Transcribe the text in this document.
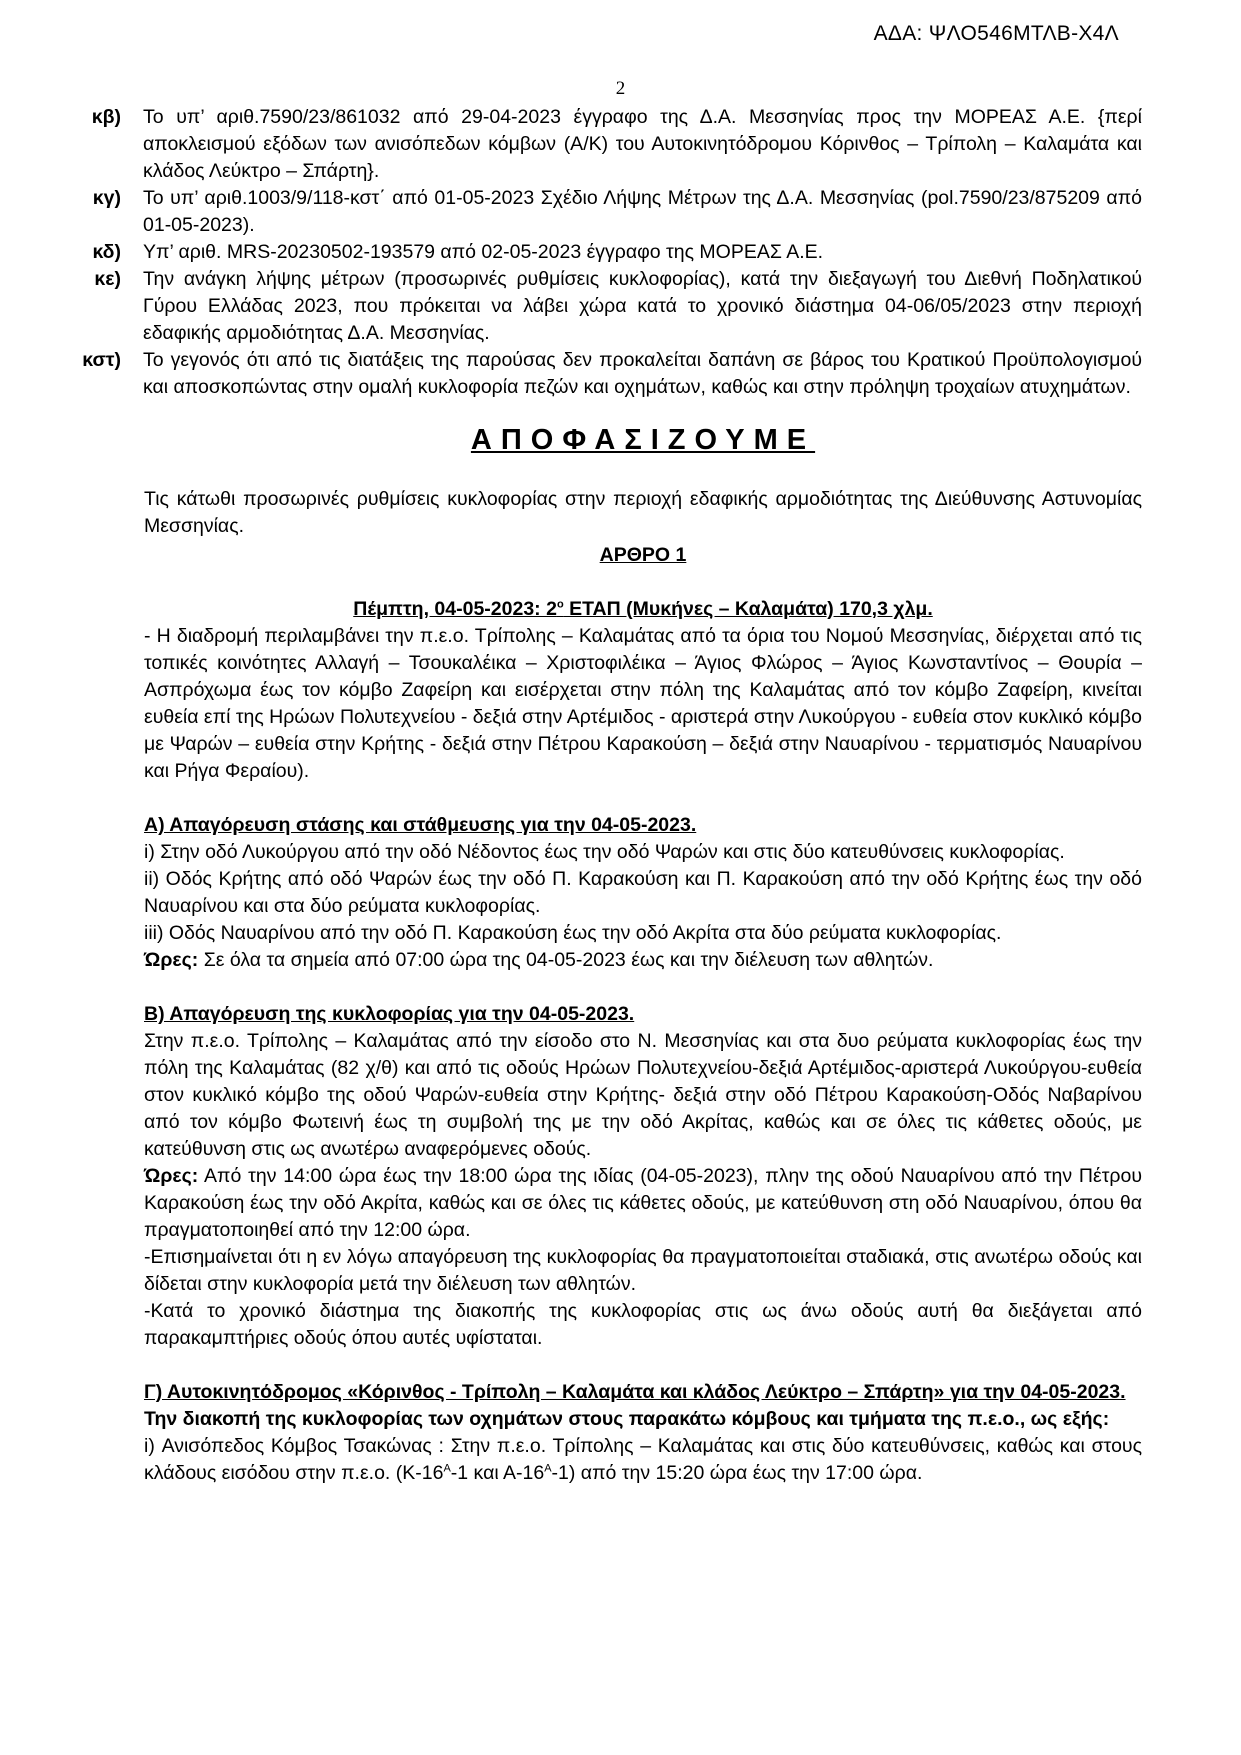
ΑΔΑ: ΨΛΟ546ΜΤΛΒ-Χ4Λ
2
κβ)	Το υπ’ αριθ.7590/23/861032 από 29-04-2023 έγγραφο της Δ.Α. Μεσσηνίας προς την ΜΟΡΕΑΣ Α.Ε. {περί αποκλεισμού εξόδων των ανισόπεδων κόμβων (Α/Κ) του Αυτοκινητόδρομου Κόρινθος – Τρίπολη – Καλαμάτα και κλάδος Λεύκτρο – Σπάρτη}.
κγ)	Το υπ’ αριθ.1003/9/118-κστ΄ από 01-05-2023 Σχέδιο Λήψης Μέτρων της Δ.Α. Μεσσηνίας (pol.7590/23/875209 από 01-05-2023).
κδ)	Υπ’ αριθ. MRS-20230502-193579 από 02-05-2023 έγγραφο της ΜΟΡΕΑΣ Α.Ε.
κε)	Την ανάγκη λήψης μέτρων (προσωρινές ρυθμίσεις κυκλοφορίας), κατά την διεξαγωγή του Διεθνή Ποδηλατικού Γύρου Ελλάδας 2023, που πρόκειται να λάβει χώρα κατά το χρονικό διάστημα 04-06/05/2023 στην περιοχή εδαφικής αρμοδιότητας Δ.Α. Μεσσηνίας.
κστ)	Το γεγονός ότι από τις διατάξεις της παρούσας δεν προκαλείται δαπάνη σε βάρος του Κρατικού Προϋπολογισμού και αποσκοπώντας στην ομαλή κυκλοφορία πεζών και οχημάτων, καθώς και στην πρόληψη τροχαίων ατυχημάτων.
ΑΠΟΦΑΣΙΖΟΥΜΕ
Τις κάτωθι προσωρινές ρυθμίσεις κυκλοφορίας στην περιοχή εδαφικής αρμοδιότητας της Διεύθυνσης Αστυνομίας Μεσσηνίας.
ΑΡΘΡΟ 1
Πέμπτη, 04-05-2023: $2^o$ ΕΤΑΠ (Μυκήνες – Καλαμάτα) 170,3 χλμ.
- Η διαδρομή περιλαμβάνει την π.ε.ο. Τρίπολης – Καλαμάτας από τα όρια του Νομού Μεσσηνίας, διέρχεται από τις τοπικές κοινότητες Αλλαγή – Τσουκαλέικα – Χριστοφιλέικα – Άγιος Φλώρος – Άγιος Κωνσταντίνος – Θουρία – Ασπρόχωμα έως τον κόμβο Ζαφείρη και εισέρχεται στην πόλη της Καλαμάτας από τον κόμβο Ζαφείρη, κινείται ευθεία επί της Ηρώων Πολυτεχνείου - δεξιά στην Αρτέμιδος - αριστερά στην Λυκούργου - ευθεία στον κυκλικό κόμβο με Ψαρών – ευθεία στην Κρήτης - δεξιά στην Πέτρου Καρακούση – δεξιά στην Ναυαρίνου - τερματισμός Ναυαρίνου και Ρήγα Φεραίου).
Α) Απαγόρευση στάσης και στάθμευσης για την 04-05-2023.
i) Στην οδό Λυκούργου από την οδό Νέδοντος έως την οδό Ψαρών και στις δύο κατευθύνσεις κυκλοφορίας.
ii) Οδός Κρήτης από οδό Ψαρών έως την οδό Π. Καρακούση και Π. Καρακούση από την οδό Κρήτης έως την οδό Ναυαρίνου και στα δύο ρεύματα κυκλοφορίας.
iii) Οδός Ναυαρίνου από την οδό Π. Καρακούση έως την οδό Ακρίτα στα δύο ρεύματα κυκλοφορίας.
Ώρες: Σε όλα τα σημεία από 07:00 ώρα της 04-05-2023 έως και την διέλευση των αθλητών.
Β) Απαγόρευση της κυκλοφορίας για την 04-05-2023.
Στην π.ε.ο. Τρίπολης – Καλαμάτας από την είσοδο στο Ν. Μεσσηνίας και στα δυο ρεύματα κυκλοφορίας έως την πόλη της Καλαμάτας (82 χ/θ) και από τις οδούς Ηρώων Πολυτεχνείου-δεξιά Αρτέμιδος-αριστερά Λυκούργου-ευθεία στον κυκλικό κόμβο της οδού Ψαρών-ευθεία στην Κρήτης- δεξιά στην οδό Πέτρου Καρακούση-Οδός Ναβαρίνου από τον κόμβο Φωτεινή έως τη συμβολή της με την οδό Ακρίτας, καθώς και σε όλες τις κάθετες οδούς, με κατεύθυνση στις ως ανωτέρω αναφερόμενες οδούς.
Ώρες: Από την 14:00 ώρα έως την 18:00 ώρα της ιδίας (04-05-2023), πλην της οδού Ναυαρίνου από την Πέτρου Καρακούση έως την οδό Ακρίτα, καθώς και σε όλες τις κάθετες οδούς, με κατεύθυνση στη οδό Ναυαρίνου, όπου θα πραγματοποιηθεί από την 12:00 ώρα.
-Επισημαίνεται ότι η εν λόγω απαγόρευση της κυκλοφορίας θα πραγματοποιείται σταδιακά, στις ανωτέρω οδούς και δίδεται στην κυκλοφορία μετά την διέλευση των αθλητών.
-Κατά το χρονικό διάστημα της διακοπής της κυκλοφορίας στις ως άνω οδούς αυτή θα διεξάγεται από παρακαμπτήριες οδούς όπου αυτές υφίσταται.
Γ) Αυτοκινητόδρομος «Κόρινθος - Τρίπολη – Καλαμάτα και κλάδος Λεύκτρο – Σπάρτη» για την 04-05-2023.
Την διακοπή της κυκλοφορίας των οχημάτων στους παρακάτω κόμβους και τμήματα της π.ε.ο., ως εξής:
i) Ανισόπεδος Κόμβος Τσακώνας : Στην π.ε.ο. Τρίπολης – Καλαμάτας και στις δύο κατευθύνσεις, καθώς και στους κλάδους εισόδου στην π.ε.ο. ($K-16^A-1$ και $A-16^A-1$) από την 15:20 ώρα έως την 17:00 ώρα.
